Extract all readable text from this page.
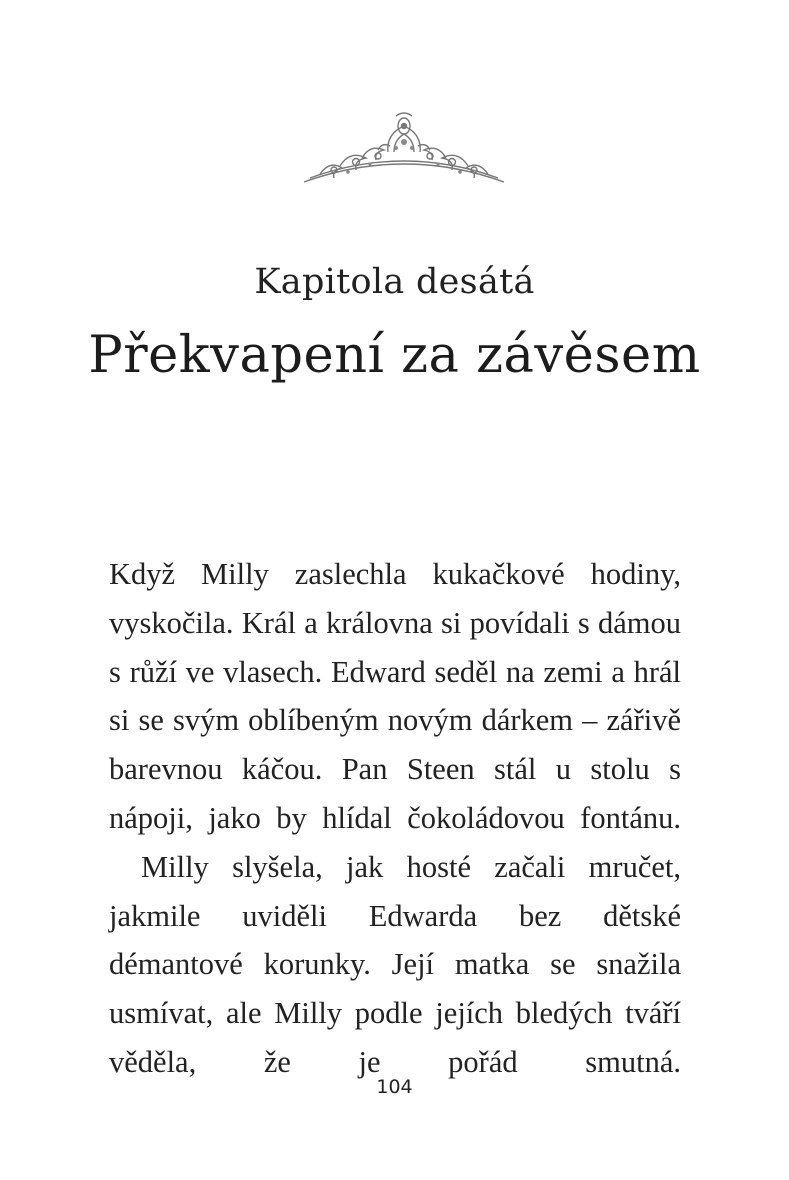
Kapitola desátá
Překvapení za závěsem

Když Milly zaslechla kukačkové hodiny, vyskočila. Král a královna si povídali s dámou s růží ve vlasech. Edward seděl na zemi a hrál si se svým oblíbeným novým dárkem – zářivě barevnou káčou. Pan Steen stál u stolu s nápoji, jako by hlídal čokoládovou fontánu.

Milly slyšela, jak hosté začali mručet, jakmile uviděli Edwarda bez dětské démantové korunky. Její matka se snažila usmívat, ale Milly podle jejích bledých tváří věděla, že je pořád smutná.

104
